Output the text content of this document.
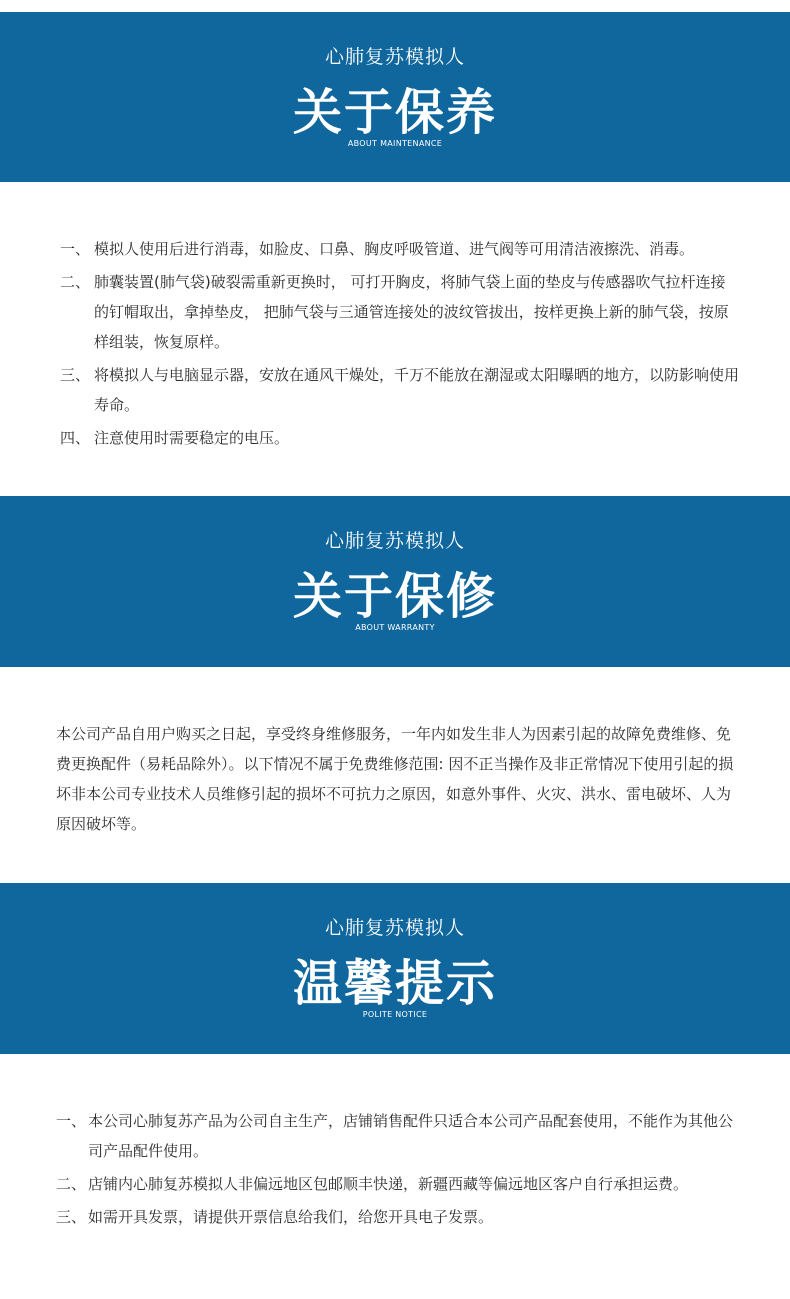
心肺复苏模拟人
关于保养
ABOUT MAINTENANCE
一、 模拟人使用后进行消毒，如脸皮、口鼻、胸皮呼吸管道、进气阀等可用清洁液擦洗、消毒。
二、 肺囊装置(肺气袋)破裂需重新更换时， 可打开胸皮，将肺气袋上面的垫皮与传感器吹气拉杆连接的钉帽取出，拿掉垫皮， 把肺气袋与三通管连接处的波纹管拔出，按样更换上新的肺气袋，按原样组装，恢复原样。
三、 将模拟人与电脑显示器，安放在通风干燥处，千万不能放在潮湿或太阳曝晒的地方，以防影响使用寿命。
四、 注意使用时需要稳定的电压。
心肺复苏模拟人
关于保修
ABOUT WARRANTY
本公司产品自用户购买之日起，享受终身维修服务，一年内如发生非人为因素引起的故障免费维修、免费更换配件（易耗品除外）。以下情况不属于免费维修范围: 因不正当操作及非正常情况下使用引起的损坏非本公司专业技术人员维修引起的损坏不可抗力之原因，如意外事件、火灾、洪水、雷电破坏、人为原因破坏等。
心肺复苏模拟人
温馨提示
POLITE NOTICE
一、 本公司心肺复苏产品为公司自主生产，店铺销售配件只适合本公司产品配套使用，不能作为其他公司产品配件使用。
二、 店铺内心肺复苏模拟人非偏远地区包邮顺丰快递，新疆西藏等偏远地区客户自行承担运费。
三、 如需开具发票，请提供开票信息给我们，给您开具电子发票。
